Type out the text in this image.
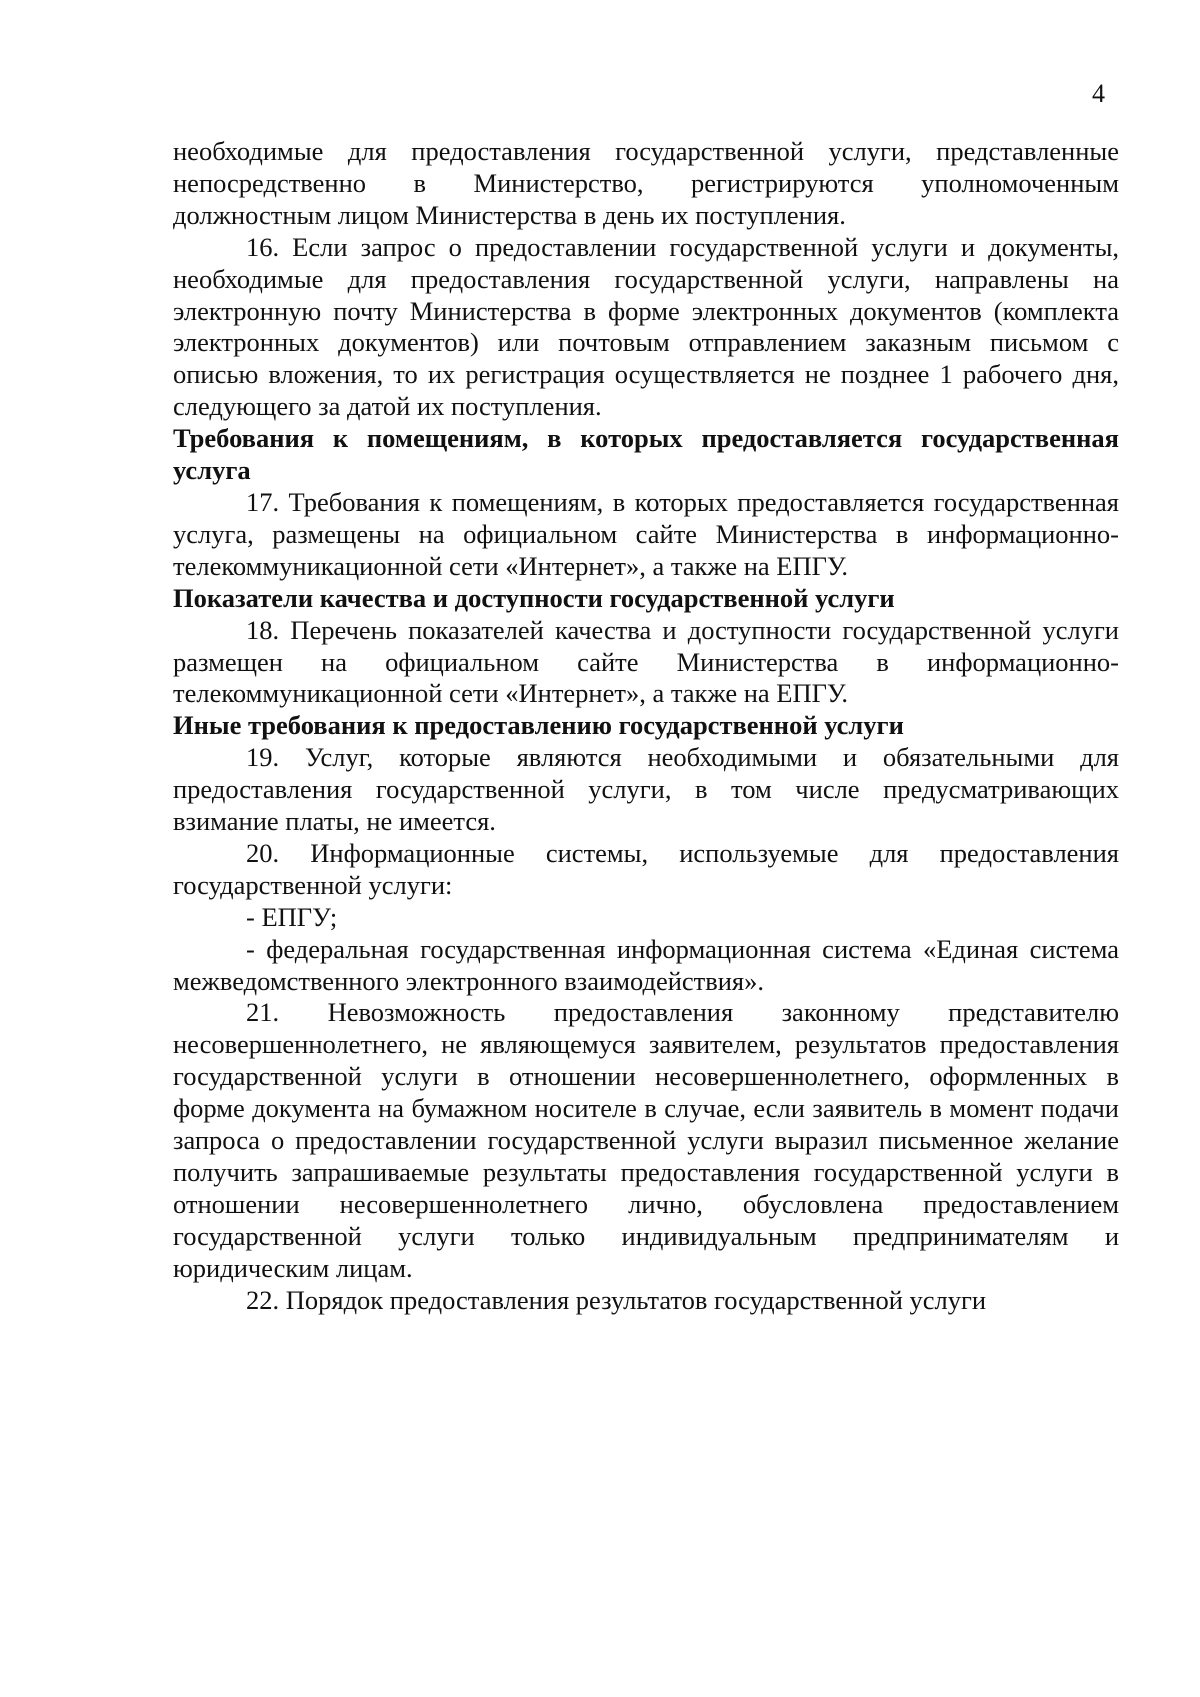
4

необходимые для предоставления государственной услуги, представленные непосредственно в Министерство, регистрируются уполномоченным должностным лицом Министерства в день их поступления.

16. Если запрос о предоставлении государственной услуги и документы, необходимые для предоставления государственной услуги, направлены на электронную почту Министерства в форме электронных документов (комплекта электронных документов) или почтовым отправлением заказным письмом с описью вложения, то их регистрация осуществляется не позднее 1 рабочего дня, следующего за датой их поступления.

Требования к помещениям, в которых предоставляется государственная услуга

17. Требования к помещениям, в которых предоставляется государственная услуга, размещены на официальном сайте Министерства в информационно-телекоммуникационной сети «Интернет», а также на ЕПГУ.

Показатели качества и доступности государственной услуги

18. Перечень показателей качества и доступности государственной услуги размещен на официальном сайте Министерства в информационно-телекоммуникационной сети «Интернет», а также на ЕПГУ.

Иные требования к предоставлению государственной услуги

19. Услуг, которые являются необходимыми и обязательными для предоставления государственной услуги, в том числе предусматривающих взимание платы, не имеется.

20. Информационные системы, используемые для предоставления государственной услуги:

- ЕПГУ;

- федеральная государственная информационная система «Единая система межведомственного электронного взаимодействия».

21. Невозможность предоставления законному представителю несовершеннолетнего, не являющемуся заявителем, результатов предоставления государственной услуги в отношении несовершеннолетнего, оформленных в форме документа на бумажном носителе в случае, если заявитель в момент подачи запроса о предоставлении государственной услуги выразил письменное желание получить запрашиваемые результаты предоставления государственной услуги в отношении несовершеннолетнего лично, обусловлена предоставлением государственной услуги только индивидуальным предпринимателям и юридическим лицам.

22. Порядок предоставления результатов государственной услуги
